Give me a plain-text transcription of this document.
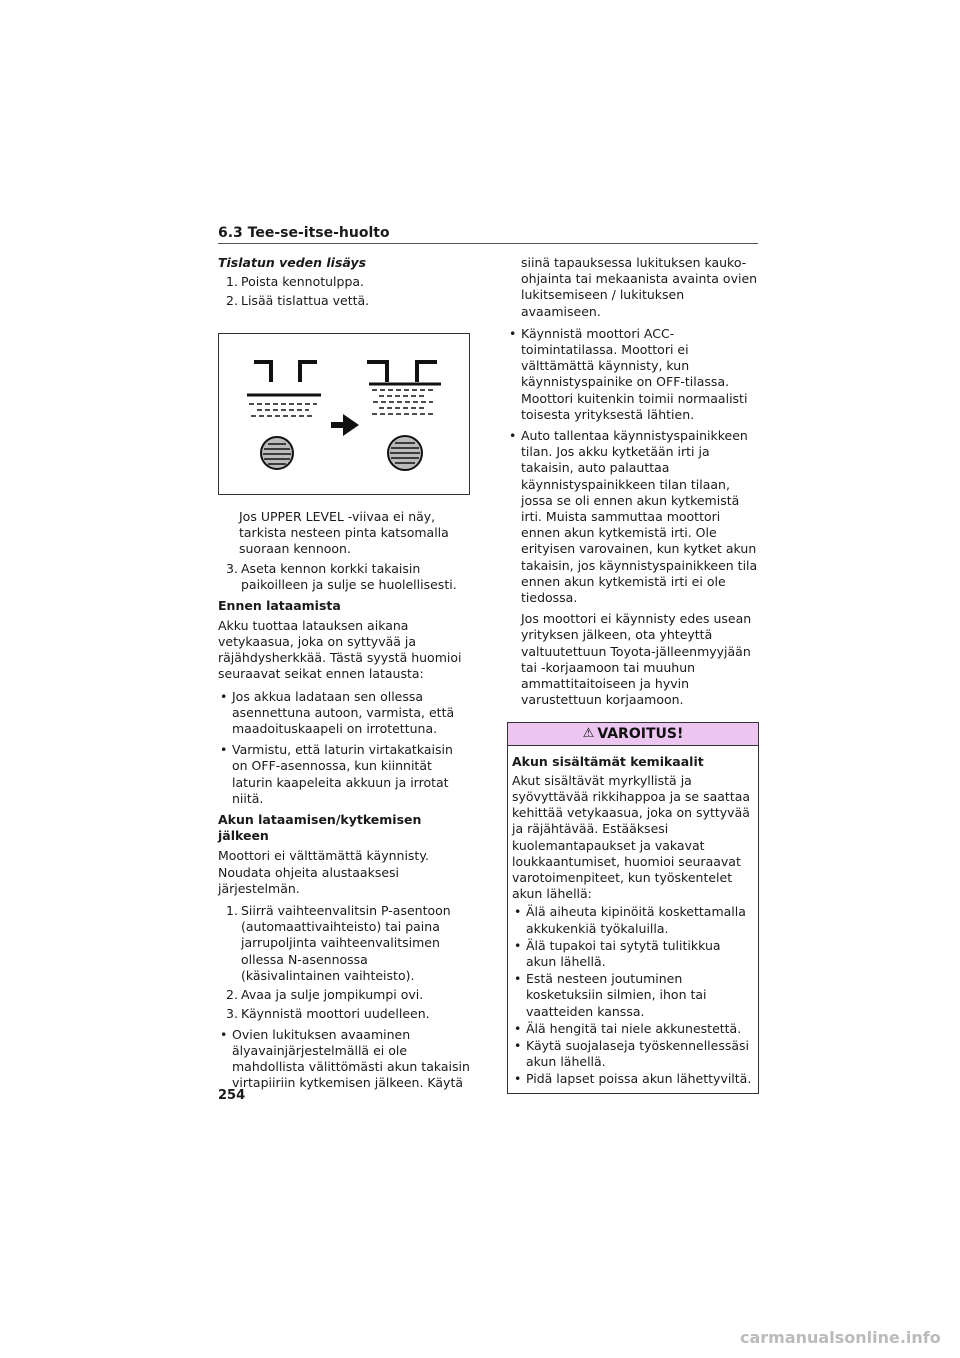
6.3 Tee-se-itse-huolto

Tislatun veden lisäys

1. Poista kennotulppa.
2. Lisää tislattua vettä.

Jos UPPER LEVEL -viivaa ei näy, tarkista nesteen pinta katsomalla suoraan kennoon.

3. Aseta kennon korkki takaisin paikoilleen ja sulje se huolellisesti.

Ennen lataamista

Akku tuottaa latauksen aikana vetykaasua, joka on syttyvää ja räjähdysherkkää. Tästä syystä huomioi seuraavat seikat ennen latausta:

• Jos akkua ladataan sen ollessa asennettuna autoon, varmista, että maadoituskaapeli on irrotettuna.
• Varmistu, että laturin virtakatkaisin on OFF-asennossa, kun kiinnität laturin kaapeleita akkuun ja irrotat niitä.

Akun lataamisen/kytkemisen jälkeen

Moottori ei välttämättä käynnisty. Noudata ohjeita alustaaksesi järjestelmän.

1. Siirrä vaihteenvalitsin P-asentoon (automaattivaihteisto) tai paina jarrupoljinta vaihteenvalitsimen ollessa N-asennossa (käsivalintainen vaihteisto).
2. Avaa ja sulje jompikumpi ovi.
3. Käynnistä moottori uudelleen.
• Ovien lukituksen avaaminen älyavainjärjestelmällä ei ole mahdollista välittömästi akun takaisin virtapiiriin kytkemisen jälkeen. Käytä

siinä tapauksessa lukituksen kauko-ohjainta tai mekaanista avainta ovien lukitsemiseen / lukituksen avaamiseen.

• Käynnistä moottori ACC-toimintatilassa. Moottori ei välttämättä käynnisty, kun käynnistyspainike on OFF-tilassa. Moottori kuitenkin toimii normaalisti toisesta yrityksestä lähtien.
• Auto tallentaa käynnistyspainikkeen tilan. Jos akku kytketään irti ja takaisin, auto palauttaa käynnistyspainikkeen tilan tilaan, jossa se oli ennen akun kytkemistä irti. Muista sammuttaa moottori ennen akun kytkemistä irti. Ole erityisen varovainen, kun kytket akun takaisin, jos käynnistyspainikkeen tila ennen akun kytkemistä irti ei ole tiedossa.

Jos moottori ei käynnisty edes usean yrityksen jälkeen, ota yhteyttä valtuutettuun Toyota-jälleenmyyjään tai -korjaamoon tai muuhun ammattitaitoiseen ja hyvin varustettuun korjaamoon.

⚠ VAROITUS!

Akun sisältämät kemikaalit

Akut sisältävät myrkyllistä ja syövyttävää rikkihappoa ja se saattaa kehittää vetykaasua, joka on syttyvää ja räjähtävää. Estääksesi kuolemantapaukset ja vakavat loukkaantumiset, huomioi seuraavat varotoimenpiteet, kun työskentelet akun lähellä:

• Älä aiheuta kipinöitä koskettamalla akkukenkiä työkaluilla.
• Älä tupakoi tai sytytä tulitikkua akun lähellä.
• Estä nesteen joutuminen kosketuksiin silmien, ihon tai vaatteiden kanssa.
• Älä hengitä tai niele akkunestettä.
• Käytä suojalaseja työskennellessäsi akun lähellä.
• Pidä lapset poissa akun lähettyviltä.
254
carmanualsonline.info
